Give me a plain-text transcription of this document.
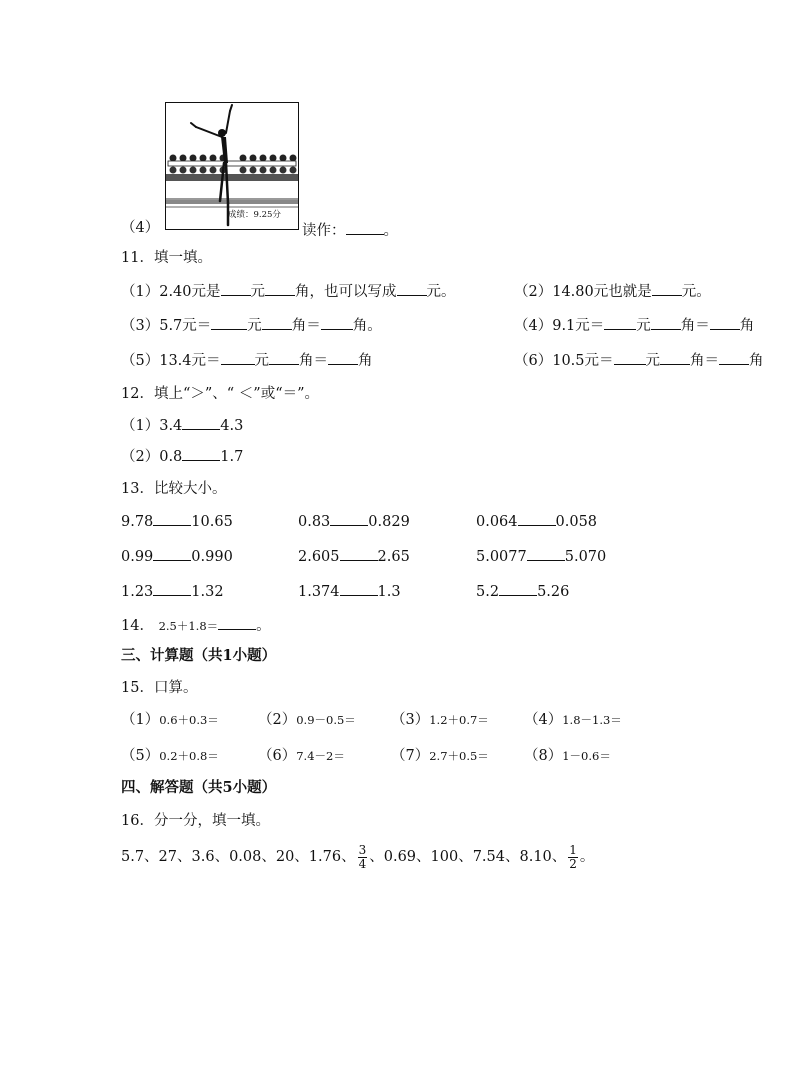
成绩：9.25分
（4）	读作：	。
11．填一填。
（1）2.40元是 元 角，也可以写成 元。	（2）14.80元也就是 元。
（3）5.7元＝ 元 角＝ 角。	（4）9.1元＝ 元 角＝ 角
（5）13.4元＝ 元 角＝ 角	（6）10.5元＝ 元 角＝ 角
12．填上“＞”、“ ＜”或“＝”。
（1）3.4	4.3
（2）0.8	1.7
13．比较大小。
9.78	10.65	0.83	0.829	0.064	0.058
0.99	0.990	2.605	2.65	5.0077	5.070
1.23	1.32	1.374	1.3	5.2	5.26
14． 2.5＋1.8＝	。
三、计算题（共1小题）
15．口算。
（1）0.6＋0.3＝	（2）0.9－0.5＝ （3）1.2＋0.7＝ （4）1.8－1.3＝
（5）0.2＋0.8＝	（6）7.4－2＝	（7）2.7＋0.5＝ （8）1－0.6＝
四、解答题（共5小题）
16．分一分，填一填。
5.7、27、3.6、0.08、20、1.76、 $\frac{3}{4}$ 、0.69、100、7.54、8.10、 $\frac{1}{2}$ 。
